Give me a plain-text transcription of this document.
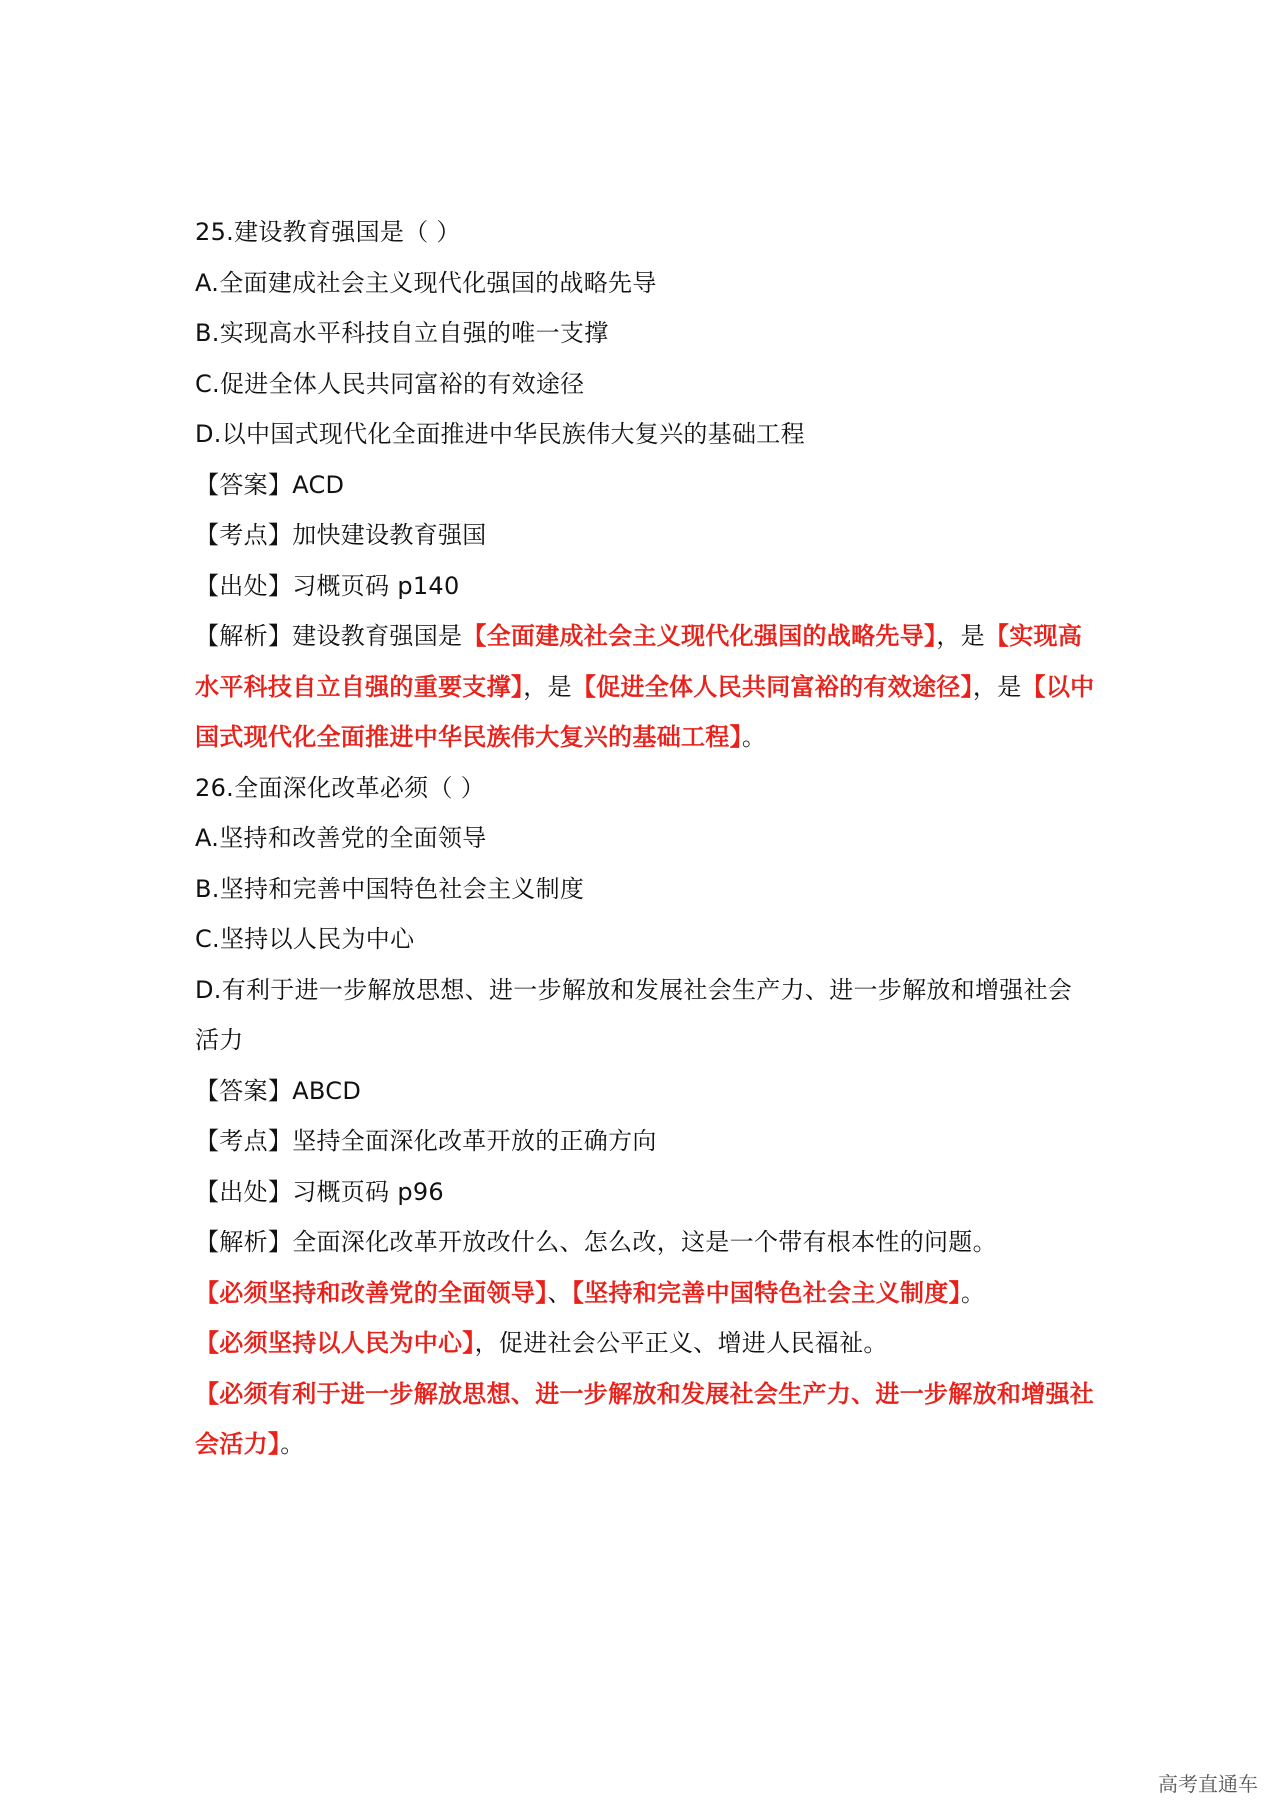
25.建设教育强国是（ ）
A.全面建成社会主义现代化强国的战略先导
B.实现高水平科技自立自强的唯一支撑
C.促进全体人民共同富裕的有效途径
D.以中国式现代化全面推进中华民族伟大复兴的基础工程
【答案】ACD
【考点】加快建设教育强国
【出处】习概页码 p140
【解析】建设教育强国是【全面建成社会主义现代化强国的战略先导】，是【实现高水平科技自立自强的重要支撑】，是【促进全体人民共同富裕的有效途径】，是【以中国式现代化全面推进中华民族伟大复兴的基础工程】。
26.全面深化改革必须（ ）
A.坚持和改善党的全面领导
B.坚持和完善中国特色社会主义制度
C.坚持以人民为中心
D.有利于进一步解放思想、进一步解放和发展社会生产力、进一步解放和增强社会活力
【答案】ABCD
【考点】坚持全面深化改革开放的正确方向
【出处】习概页码 p96
【解析】全面深化改革开放改什么、怎么改，这是一个带有根本性的问题。
【必须坚持和改善党的全面领导】、【坚持和完善中国特色社会主义制度】。
【必须坚持以人民为中心】，促进社会公平正义、增进人民福祉。
【必须有利于进一步解放思想、进一步解放和发展社会生产力、进一步解放和增强社会活力】。
高考直通车
